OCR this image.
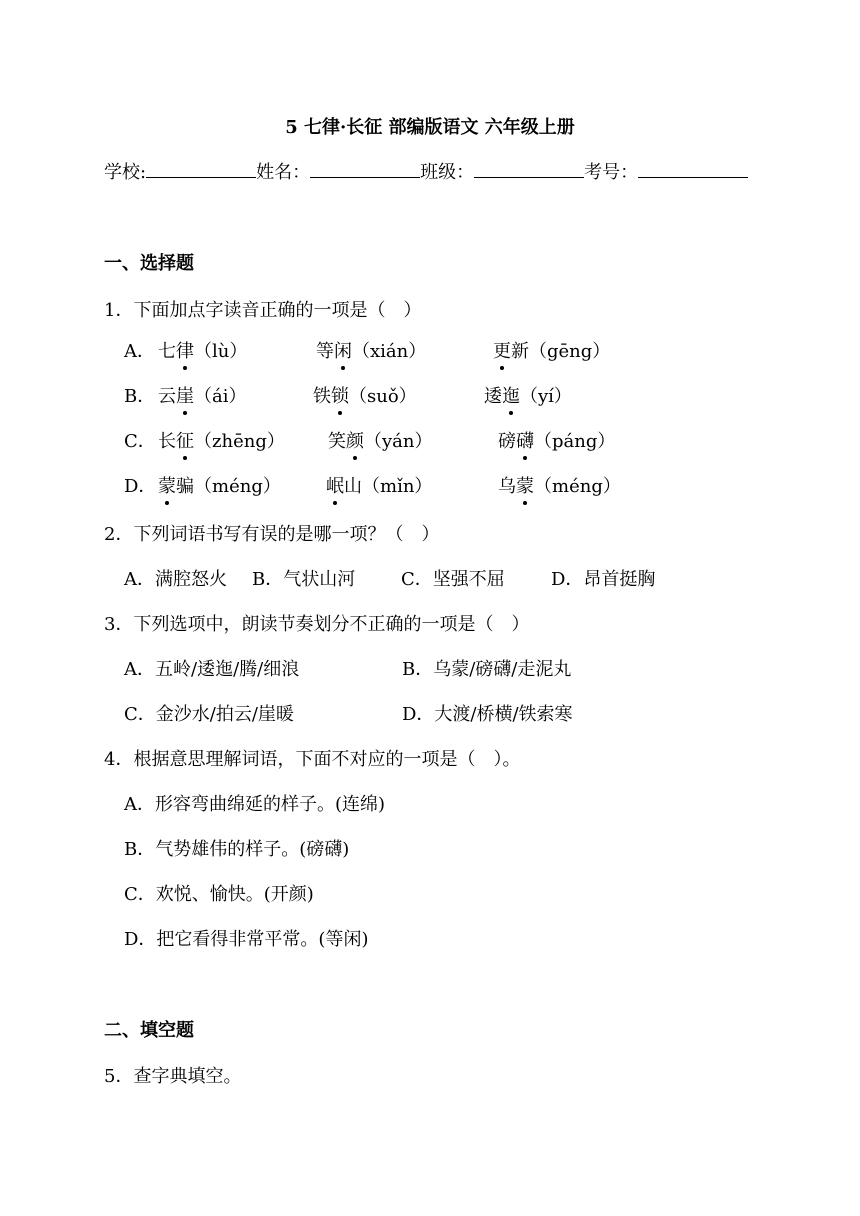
5 七律·长征 部编版语文 六年级上册
学校:	姓名：	班级：	考号：
一、选择题
1．下面加点字读音正确的一项是（　）
A． 七律（lù）	等闲（xián）	更新（gēng）
B． 云崖（ái）	铁锁（suǒ）	逶迤（yí）
C． 长征（zhēng） 笑颜（yán）	磅礴（páng）
D． 蒙骗（méng）	岷山（mǐn）	乌蒙（méng）
2．下列词语书写有误的是哪一项？（　）
A．满腔怒火 B．气状山河	C．坚强不屈	D．昂首挺胸
3．下列选项中，朗读节奏划分不正确的一项是（　）
A．五岭/逶迤/腾/细浪	B．乌蒙/磅礴/走泥丸
C．金沙水/拍云/崖暖	D．大渡/桥横/铁索寒
4．根据意思理解词语，下面不对应的一项是（　）。
A．形容弯曲绵延的样子。(连绵)
B．气势雄伟的样子。(磅礴)
C．欢悦、愉快。(开颜)
D．把它看得非常平常。(等闲)
二、填空题
5．查字典填空。
